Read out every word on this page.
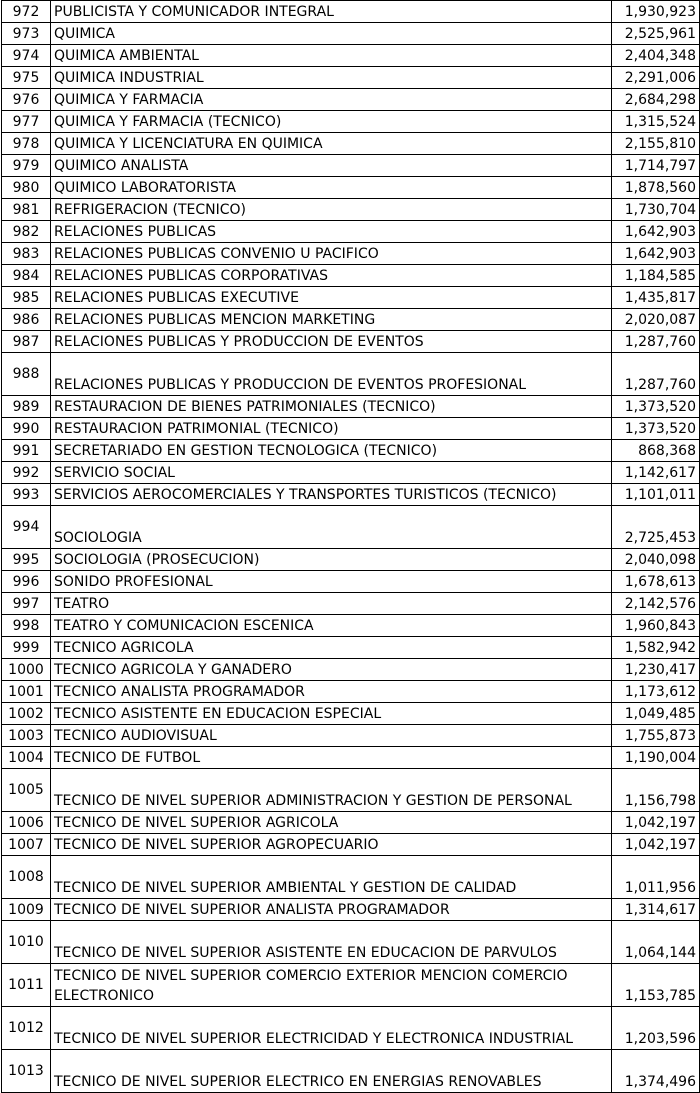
972	PUBLICISTA Y COMUNICADOR INTEGRAL	1,930,923
973	QUIMICA	2,525,961
974	QUIMICA AMBIENTAL	2,404,348
975	QUIMICA INDUSTRIAL	2,291,006
976	QUIMICA Y FARMACIA	2,684,298
977	QUIMICA Y FARMACIA (TECNICO)	1,315,524
978	QUIMICA Y LICENCIATURA EN QUIMICA	2,155,810
979	QUIMICO ANALISTA	1,714,797
980	QUIMICO LABORATORISTA	1,878,560
981	REFRIGERACION (TECNICO)	1,730,704
982	RELACIONES PUBLICAS	1,642,903
983	RELACIONES PUBLICAS CONVENIO U PACIFICO	1,642,903
984	RELACIONES PUBLICAS CORPORATIVAS	1,184,585
985	RELACIONES PUBLICAS EXECUTIVE	1,435,817
986	RELACIONES PUBLICAS MENCION MARKETING	2,020,087
987	RELACIONES PUBLICAS Y PRODUCCION DE EVENTOS	1,287,760
988	RELACIONES PUBLICAS Y PRODUCCION DE EVENTOS PROFESIONAL	1,287,760
989	RESTAURACION DE BIENES PATRIMONIALES (TECNICO)	1,373,520
990	RESTAURACION PATRIMONIAL (TECNICO)	1,373,520
991	SECRETARIADO EN GESTION TECNOLOGICA (TECNICO)	868,368
992	SERVICIO SOCIAL	1,142,617
993	SERVICIOS AEROCOMERCIALES Y TRANSPORTES TURISTICOS (TECNICO)	1,101,011
994	SOCIOLOGIA	2,725,453
995	SOCIOLOGIA (PROSECUCION)	2,040,098
996	SONIDO PROFESIONAL	1,678,613
997	TEATRO	2,142,576
998	TEATRO Y COMUNICACION ESCENICA	1,960,843
999	TECNICO AGRICOLA	1,582,942
1000	TECNICO AGRICOLA Y GANADERO	1,230,417
1001	TECNICO ANALISTA PROGRAMADOR	1,173,612
1002	TECNICO ASISTENTE EN EDUCACION ESPECIAL	1,049,485
1003	TECNICO AUDIOVISUAL	1,755,873
1004	TECNICO DE FUTBOL	1,190,004
1005	TECNICO DE NIVEL SUPERIOR ADMINISTRACION Y GESTION DE PERSONAL	1,156,798
1006	TECNICO DE NIVEL SUPERIOR AGRICOLA	1,042,197
1007	TECNICO DE NIVEL SUPERIOR AGROPECUARIO	1,042,197
1008	TECNICO DE NIVEL SUPERIOR AMBIENTAL Y GESTION DE CALIDAD	1,011,956
1009	TECNICO DE NIVEL SUPERIOR ANALISTA PROGRAMADOR	1,314,617
1010	TECNICO DE NIVEL SUPERIOR ASISTENTE EN EDUCACION DE PARVULOS	1,064,144
1011	TECNICO DE NIVEL SUPERIOR COMERCIO EXTERIOR MENCION COMERCIO ELECTRONICO	1,153,785
1012	TECNICO DE NIVEL SUPERIOR ELECTRICIDAD Y ELECTRONICA INDUSTRIAL	1,203,596
1013	TECNICO DE NIVEL SUPERIOR ELECTRICO EN ENERGIAS RENOVABLES	1,374,496
